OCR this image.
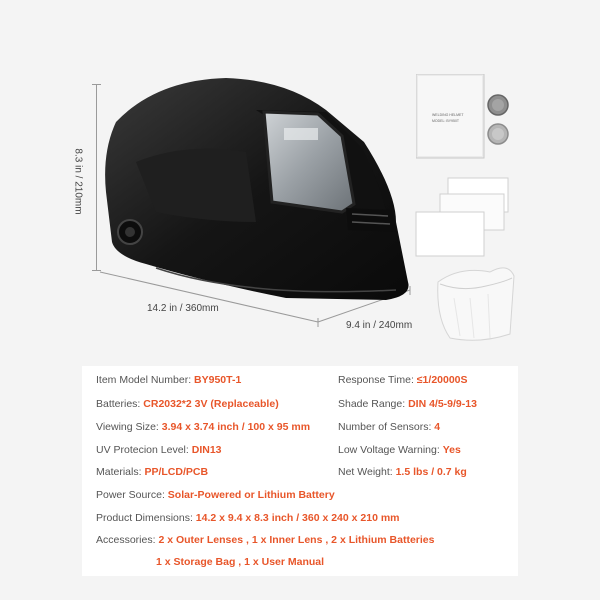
8.3 in / 210mm
14.2 in / 360mm
9.4 in / 240mm
WELDING HELMET
MODEL: BY950T
Item Model Number: BY950T-1
Batteries: CR2032*2 3V (Replaceable)
Viewing Size: 3.94 x 3.74 inch / 100 x 95 mm
UV Protecion Level: DIN13
Materials: PP/LCD/PCB
Response Time: ≤1/20000S
Shade Range: DIN 4/5-9/9-13
Number of Sensors: 4
Low Voltage Warning: Yes
Net Weight: 1.5 lbs / 0.7 kg
Power Source: Solar-Powered or Lithium Battery
Product Dimensions: 14.2 x 9.4 x 8.3 inch / 360 x 240 x 210 mm
Accessories: 2 x Outer Lenses , 1 x Inner Lens , 2 x Lithium Batteries
1 x Storage Bag , 1 x User Manual
